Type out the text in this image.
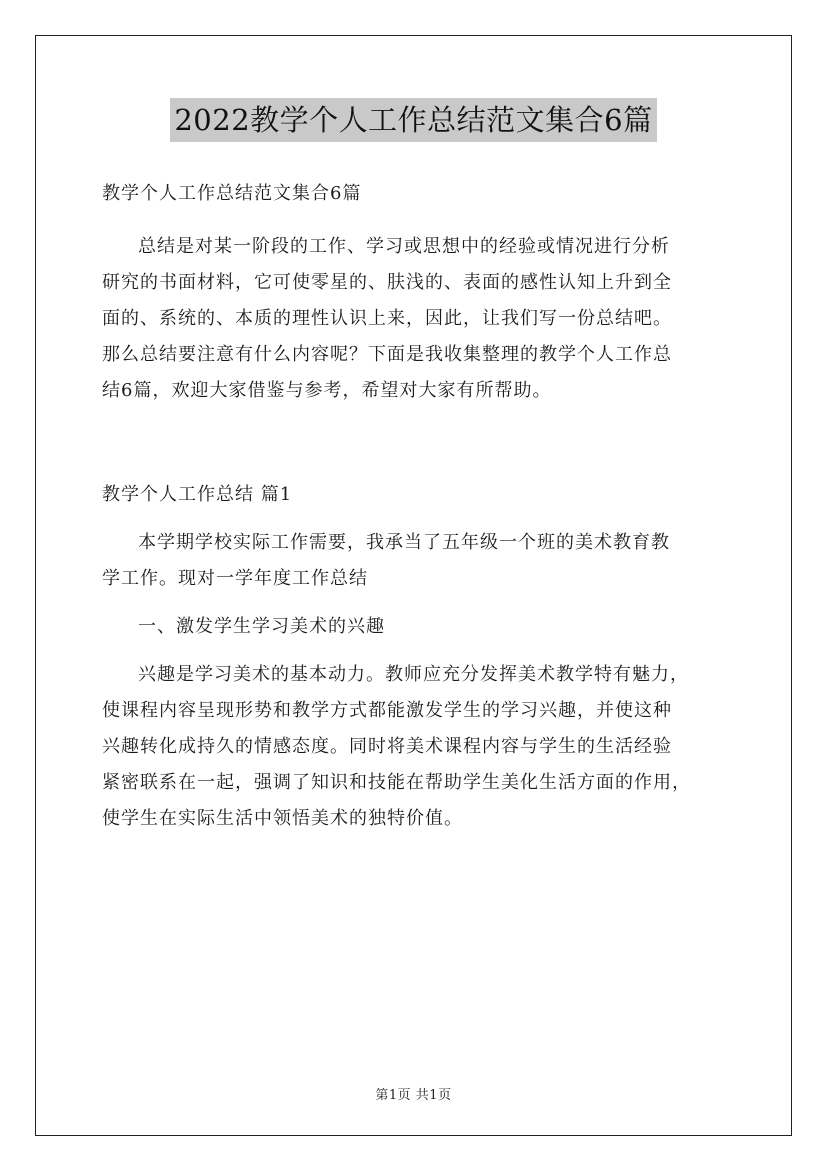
2022教学个人工作总结范文集合6篇

教学个人工作总结范文集合6篇

总结是对某一阶段的工作、学习或思想中的经验或情况进行分析
研究的书面材料，它可使零星的、肤浅的、表面的感性认知上升到全
面的、系统的、本质的理性认识上来，因此，让我们写一份总结吧。
那么总结要注意有什么内容呢？下面是我收集整理的教学个人工作总
结6篇，欢迎大家借鉴与参考，希望对大家有所帮助。

教学个人工作总结 篇1

本学期学校实际工作需要，我承当了五年级一个班的美术教育教
学工作。现对一学年度工作总结

一、激发学生学习美术的兴趣

兴趣是学习美术的基本动力。教师应充分发挥美术教学特有魅力，
使课程内容呈现形势和教学方式都能激发学生的学习兴趣，并使这种
兴趣转化成持久的情感态度。同时将美术课程内容与学生的生活经验
紧密联系在一起，强调了知识和技能在帮助学生美化生活方面的作用，
使学生在实际生活中领悟美术的独特价值。

第1页 共1页
